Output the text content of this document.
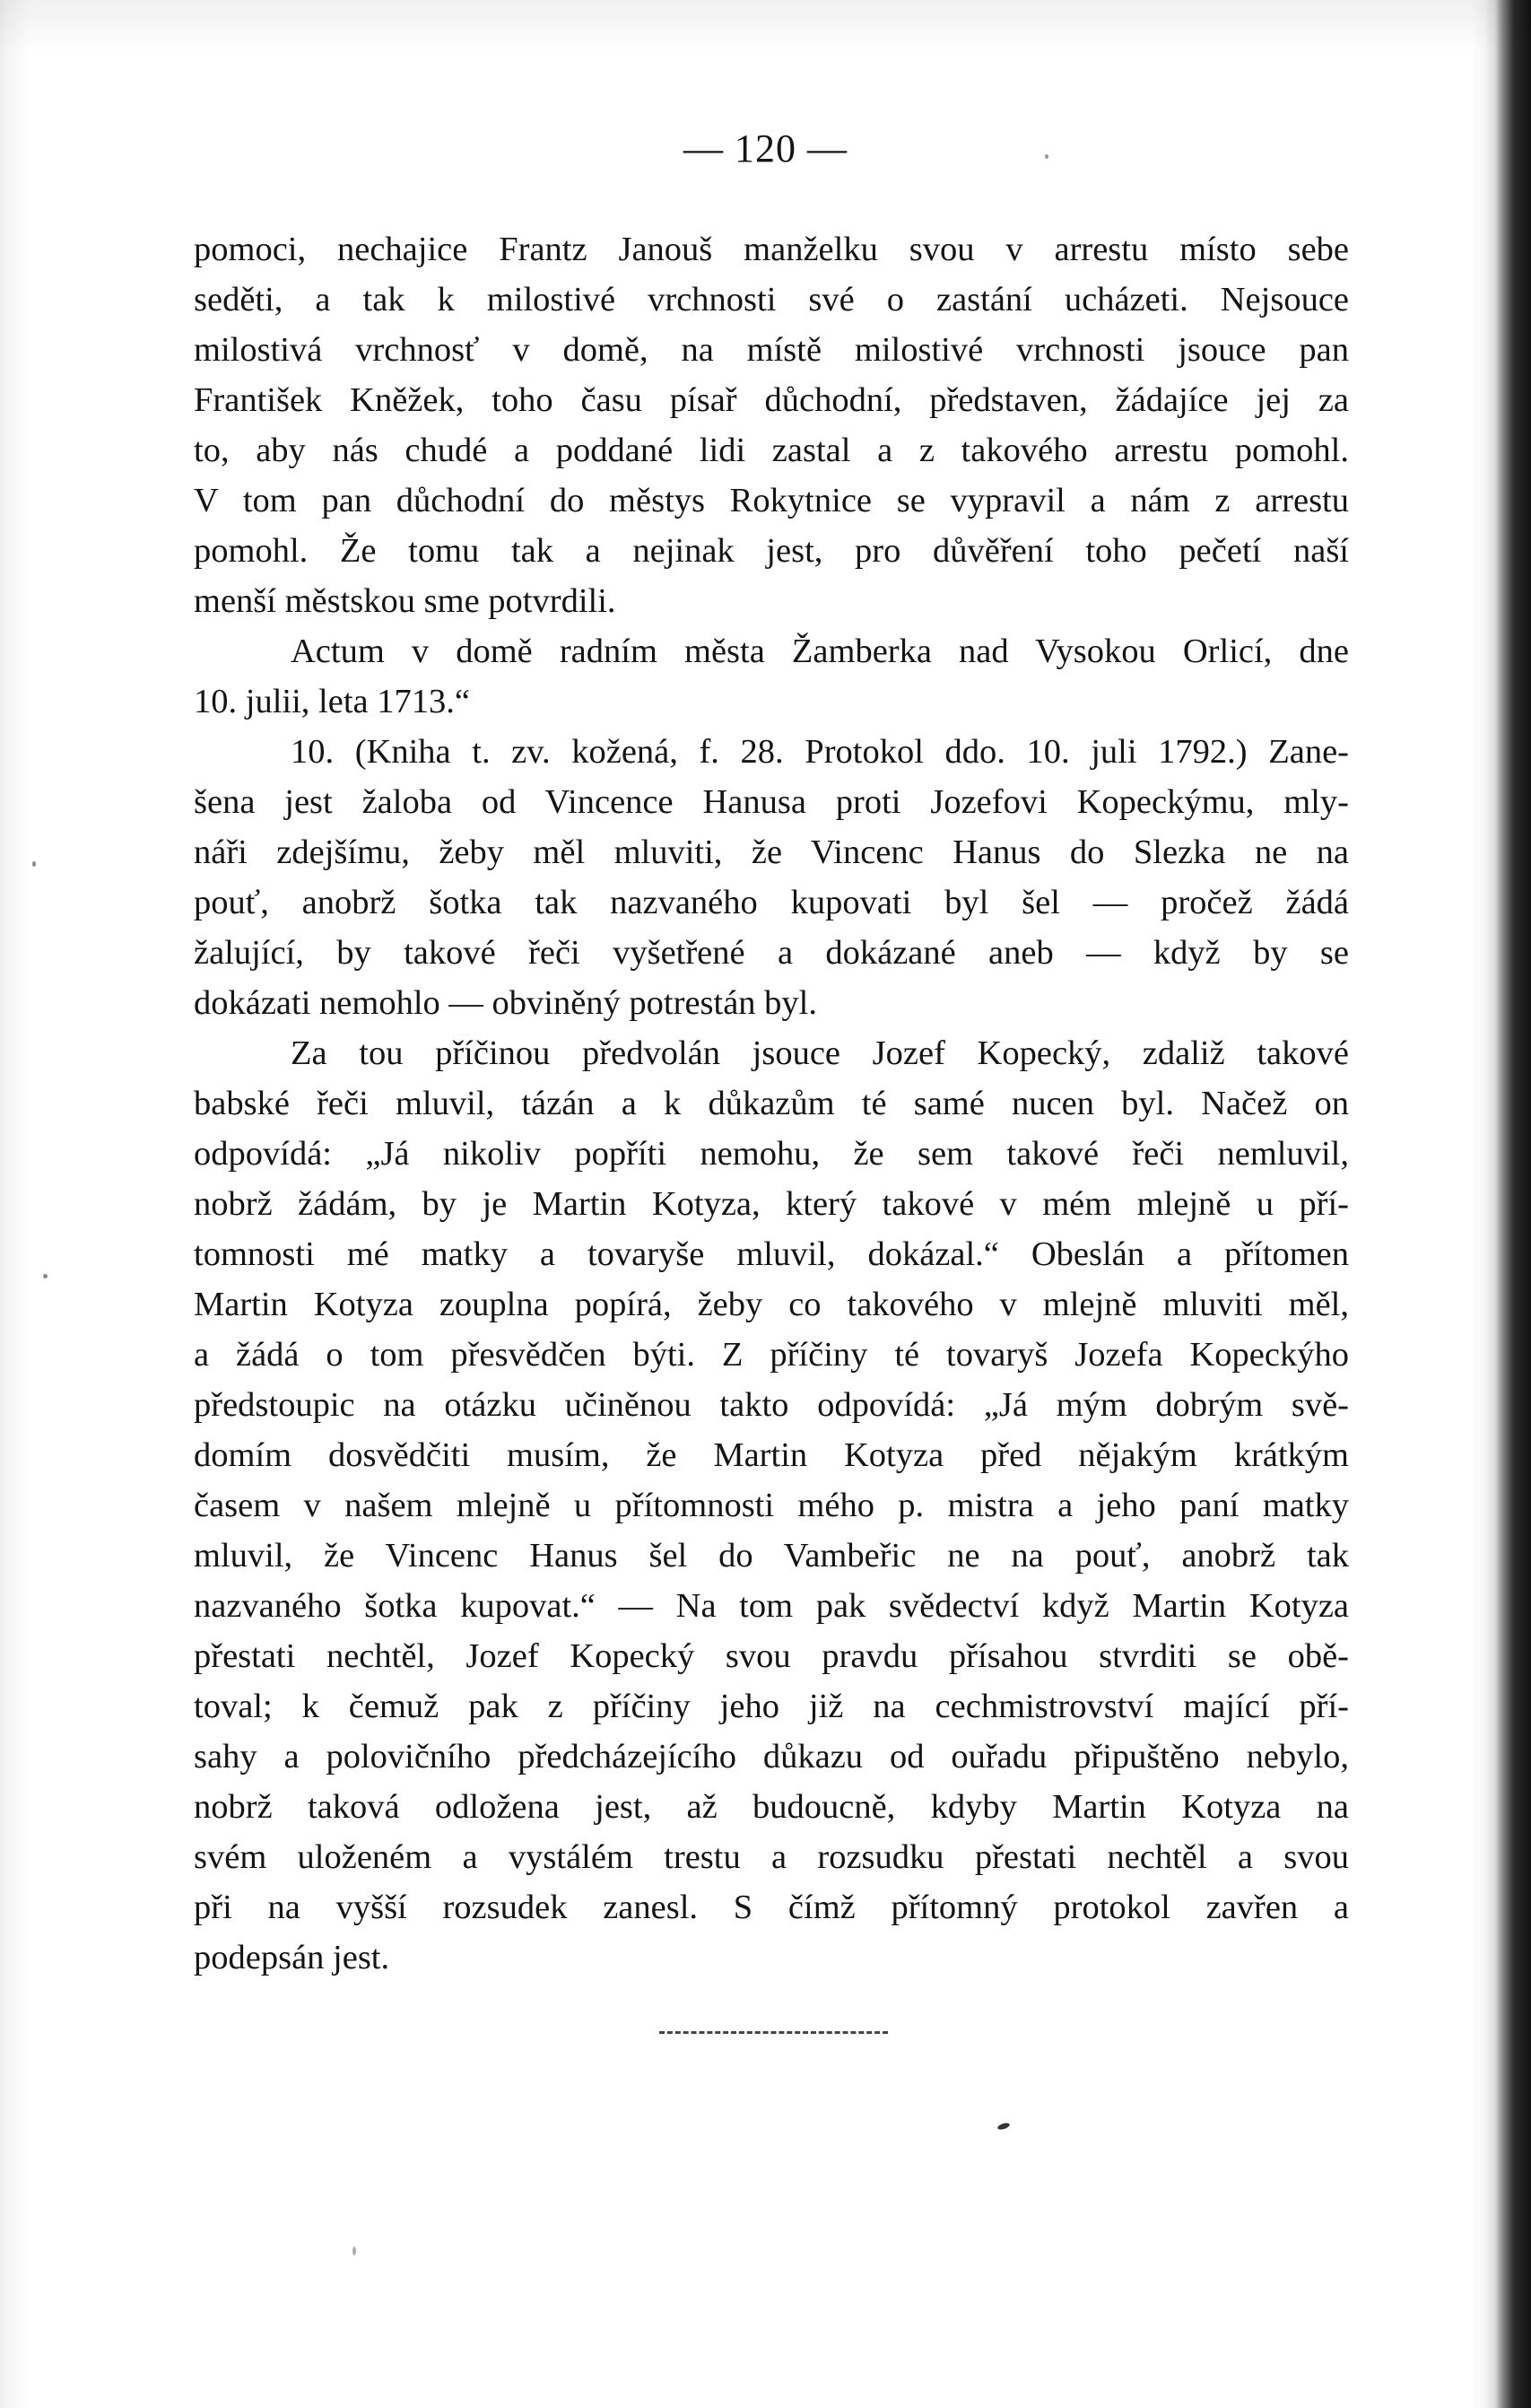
— 120 —
pomoci, nechajice Frantz Janouš manželku svou v arrestu místo sebe
seděti, a tak k milostivé vrchnosti své o zastání ucházeti. Nejsouce
milostivá vrchnosť v domě, na místě milostivé vrchnosti jsouce pan
František Kněžek, toho času písař důchodní, představen, žádajíce jej za
to, aby nás chudé a poddané lidi zastal a z takového arrestu pomohl.
V tom pan důchodní do městys Rokytnice se vypravil a nám z arrestu
pomohl. Že tomu tak a nejinak jest, pro důvěření toho pečetí naší
menší městskou sme potvrdili.
Actum v domě radním města Žamberka nad Vysokou Orlicí, dne
10. julii, leta 1713.“
10. (Kniha t. zv. kožená, f. 28. Protokol ddo. 10. juli 1792.) Zane-
šena jest žaloba od Vincence Hanusa proti Jozefovi Kopeckýmu, mly-
náři zdejšímu, žeby měl mluviti, že Vincenc Hanus do Slezka ne na
pouť, anobrž šotka tak nazvaného kupovati byl šel — pročež žádá
žalující, by takové řeči vyšetřené a dokázané aneb — když by se
dokázati nemohlo — obviněný potrestán byl.
Za tou příčinou předvolán jsouce Jozef Kopecký, zdaliž takové
babské řeči mluvil, tázán a k důkazům té samé nucen byl. Načež on
odpovídá: „Já nikoliv popříti nemohu, že sem takové řeči nemluvil,
nobrž žádám, by je Martin Kotyza, který takové v mém mlejně u pří-
tomnosti mé matky a tovaryše mluvil, dokázal.“ Obeslán a přítomen
Martin Kotyza zouplna popírá, žeby co takového v mlejně mluviti měl,
a žádá o tom přesvědčen býti. Z příčiny té tovaryš Jozefa Kopeckýho
předstoupic na otázku učiněnou takto odpovídá: „Já mým dobrým svě-
domím dosvědčiti musím, že Martin Kotyza před nějakým krátkým
časem v našem mlejně u přítomnosti mého p. mistra a jeho paní matky
mluvil, že Vincenc Hanus šel do Vambeřic ne na pouť, anobrž tak
nazvaného šotka kupovat.“ — Na tom pak svědectví když Martin Kotyza
přestati nechtěl, Jozef Kopecký svou pravdu přísahou stvrditi se obě-
toval; k čemuž pak z příčiny jeho již na cechmistrovství mající pří-
sahy a polovičního předcházejícího důkazu od ouřadu připuštěno nebylo,
nobrž taková odložena jest, až budoucně, kdyby Martin Kotyza na
svém uloženém a vystálém trestu a rozsudku přestati nechtěl a svou
při na vyšší rozsudek zanesl. S čímž přítomný protokol zavřen a
podepsán jest.
